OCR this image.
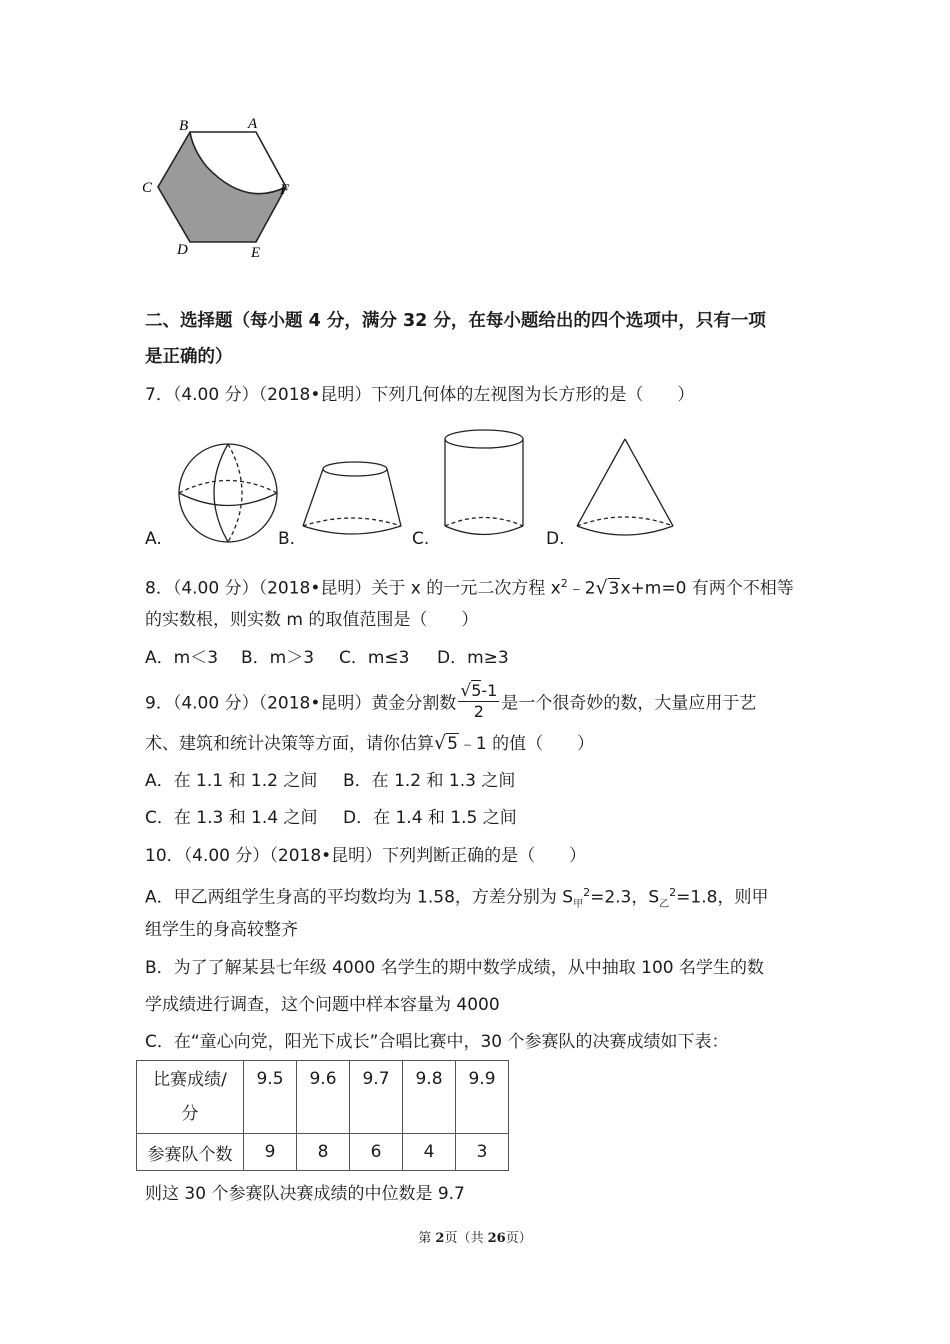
B	A
C	F
D	E
二、选择题（每小题 4 分，满分 32 分，在每小题给出的四个选项中，只有一项
是正确的）
7．（4.00 分）（2018•昆明）下列几何体的左视图为长方形的是（　　）
A.	B.	C.	D.
8．（4.00 分）（2018•昆明）关于 x 的一元二次方程 $x^2﹣2√3x+m=0$ 有两个不相等
的实数根，则实数 m 的取值范围是（　　）
A．m＜3 B．m＞3 C．m≤3 D．m≥3
9．（4.00 分）（2018•昆明）黄金分割数 $\frac{√5-1}{2}$ 是一个很奇妙的数，大量应用于艺
术、建筑和统计决策等方面，请你估算√5﹣1 的值（　　）
A．在 1.1 和 1.2 之间 B．在 1.2 和 1.3 之间
C．在 1.3 和 1.4 之间 D．在 1.4 和 1.5 之间
10．（4.00 分）（2018•昆明）下列判断正确的是（　　）
A．甲乙两组学生身高的平均数均为 1.58，方差分别为 $S_甲^2=2.3$，$S_乙^2=1.8$，则甲
组学生的身高较整齐
B．为了了解某县七年级 4000 名学生的期中数学成绩，从中抽取 100 名学生的数
学成绩进行调查，这个问题中样本容量为 4000
C．在“童心向党，阳光下成长”合唱比赛中，30 个参赛队的决赛成绩如下表：
比赛成绩/
分	9.5	9.6	9.7	9.8	9.9
参赛队个数	9	8	6	4	3
则这 30 个参赛队决赛成绩的中位数是 9.7
第 2页（共 26页）
